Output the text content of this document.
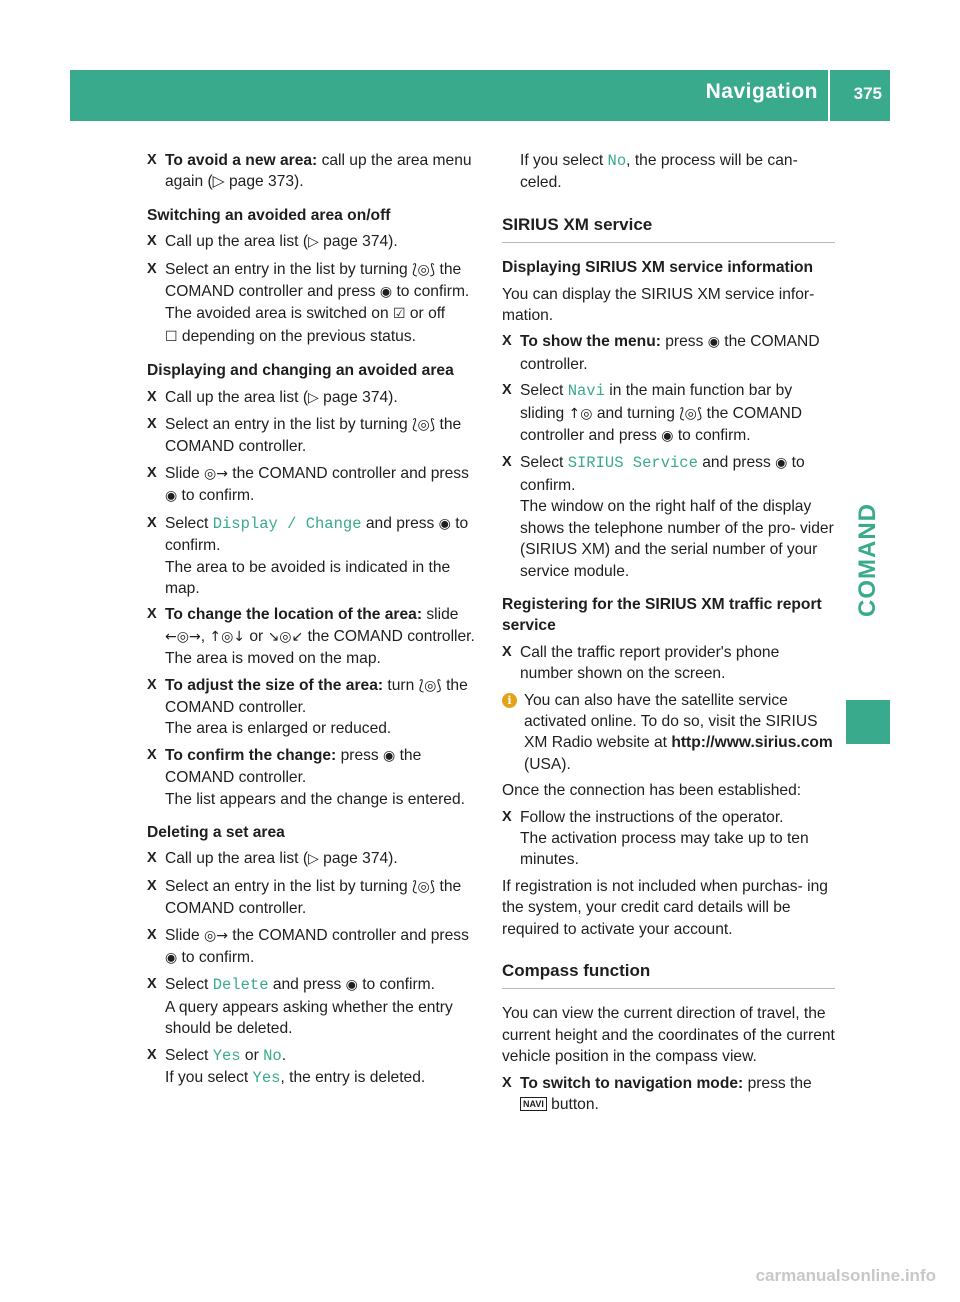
Navigation 375
COMAND

X To avoid a new area: call up the area menu again (▷ page 373).

Switching an avoided area on/off

X Call up the area list (▷ page 374).

X Select an entry in the list by turning ⟅◎⟆ the COMAND controller and press ◉ to confirm.
The avoided area is switched on ☑ or off
☐ depending on the previous status.

Displaying and changing an avoided area

X Call up the area list (▷ page 374).

X Select an entry in the list by turning ⟅◎⟆ the COMAND controller.

X Slide ◎→ the COMAND controller and press ◉ to confirm.

X Select Display / Change and press ◉ to confirm.
The area to be avoided is indicated in the map.

X To change the location of the area: slide ←◎→, ↑◎↓ or ↘◎↙ the COMAND controller.
The area is moved on the map.

X To adjust the size of the area: turn ⟅◎⟆ the COMAND controller.
The area is enlarged or reduced.

X To confirm the change: press ◉ the COMAND controller.
The list appears and the change is entered.

Deleting a set area

X Call up the area list (▷ page 374).

X Select an entry in the list by turning ⟅◎⟆ the COMAND controller.

X Slide ◎→ the COMAND controller and press ◉ to confirm.

X Select Delete and press ◉ to confirm.
A query appears asking whether the entry should be deleted.

X Select Yes or No.
If you select Yes, the entry is deleted.

If you select No, the process will be can- celed.

SIRIUS XM service

Displaying SIRIUS XM service information

You can display the SIRIUS XM service infor- mation.

X To show the menu: press ◉ the COMAND controller.

X Select Navi in the main function bar by sliding ↑◎ and turning ⟅◎⟆ the COMAND controller and press ◉ to confirm.

X Select SIRIUS Service and press ◉ to confirm.
The window on the right half of the display shows the telephone number of the pro- vider (SIRIUS XM) and the serial number of your service module.

Registering for the SIRIUS XM traffic report service

X Call the traffic report provider's phone number shown on the screen.

i You can also have the satellite service activated online. To do so, visit the SIRIUS XM Radio website at http://www.sirius.com (USA).

Once the connection has been established:

X Follow the instructions of the operator.
The activation process may take up to ten minutes.

If registration is not included when purchas- ing the system, your credit card details will be required to activate your account.

Compass function

You can view the current direction of travel, the current height and the coordinates of the current vehicle position in the compass view.

X To switch to navigation mode: press the NAVI button.

carmanualsonline.info
